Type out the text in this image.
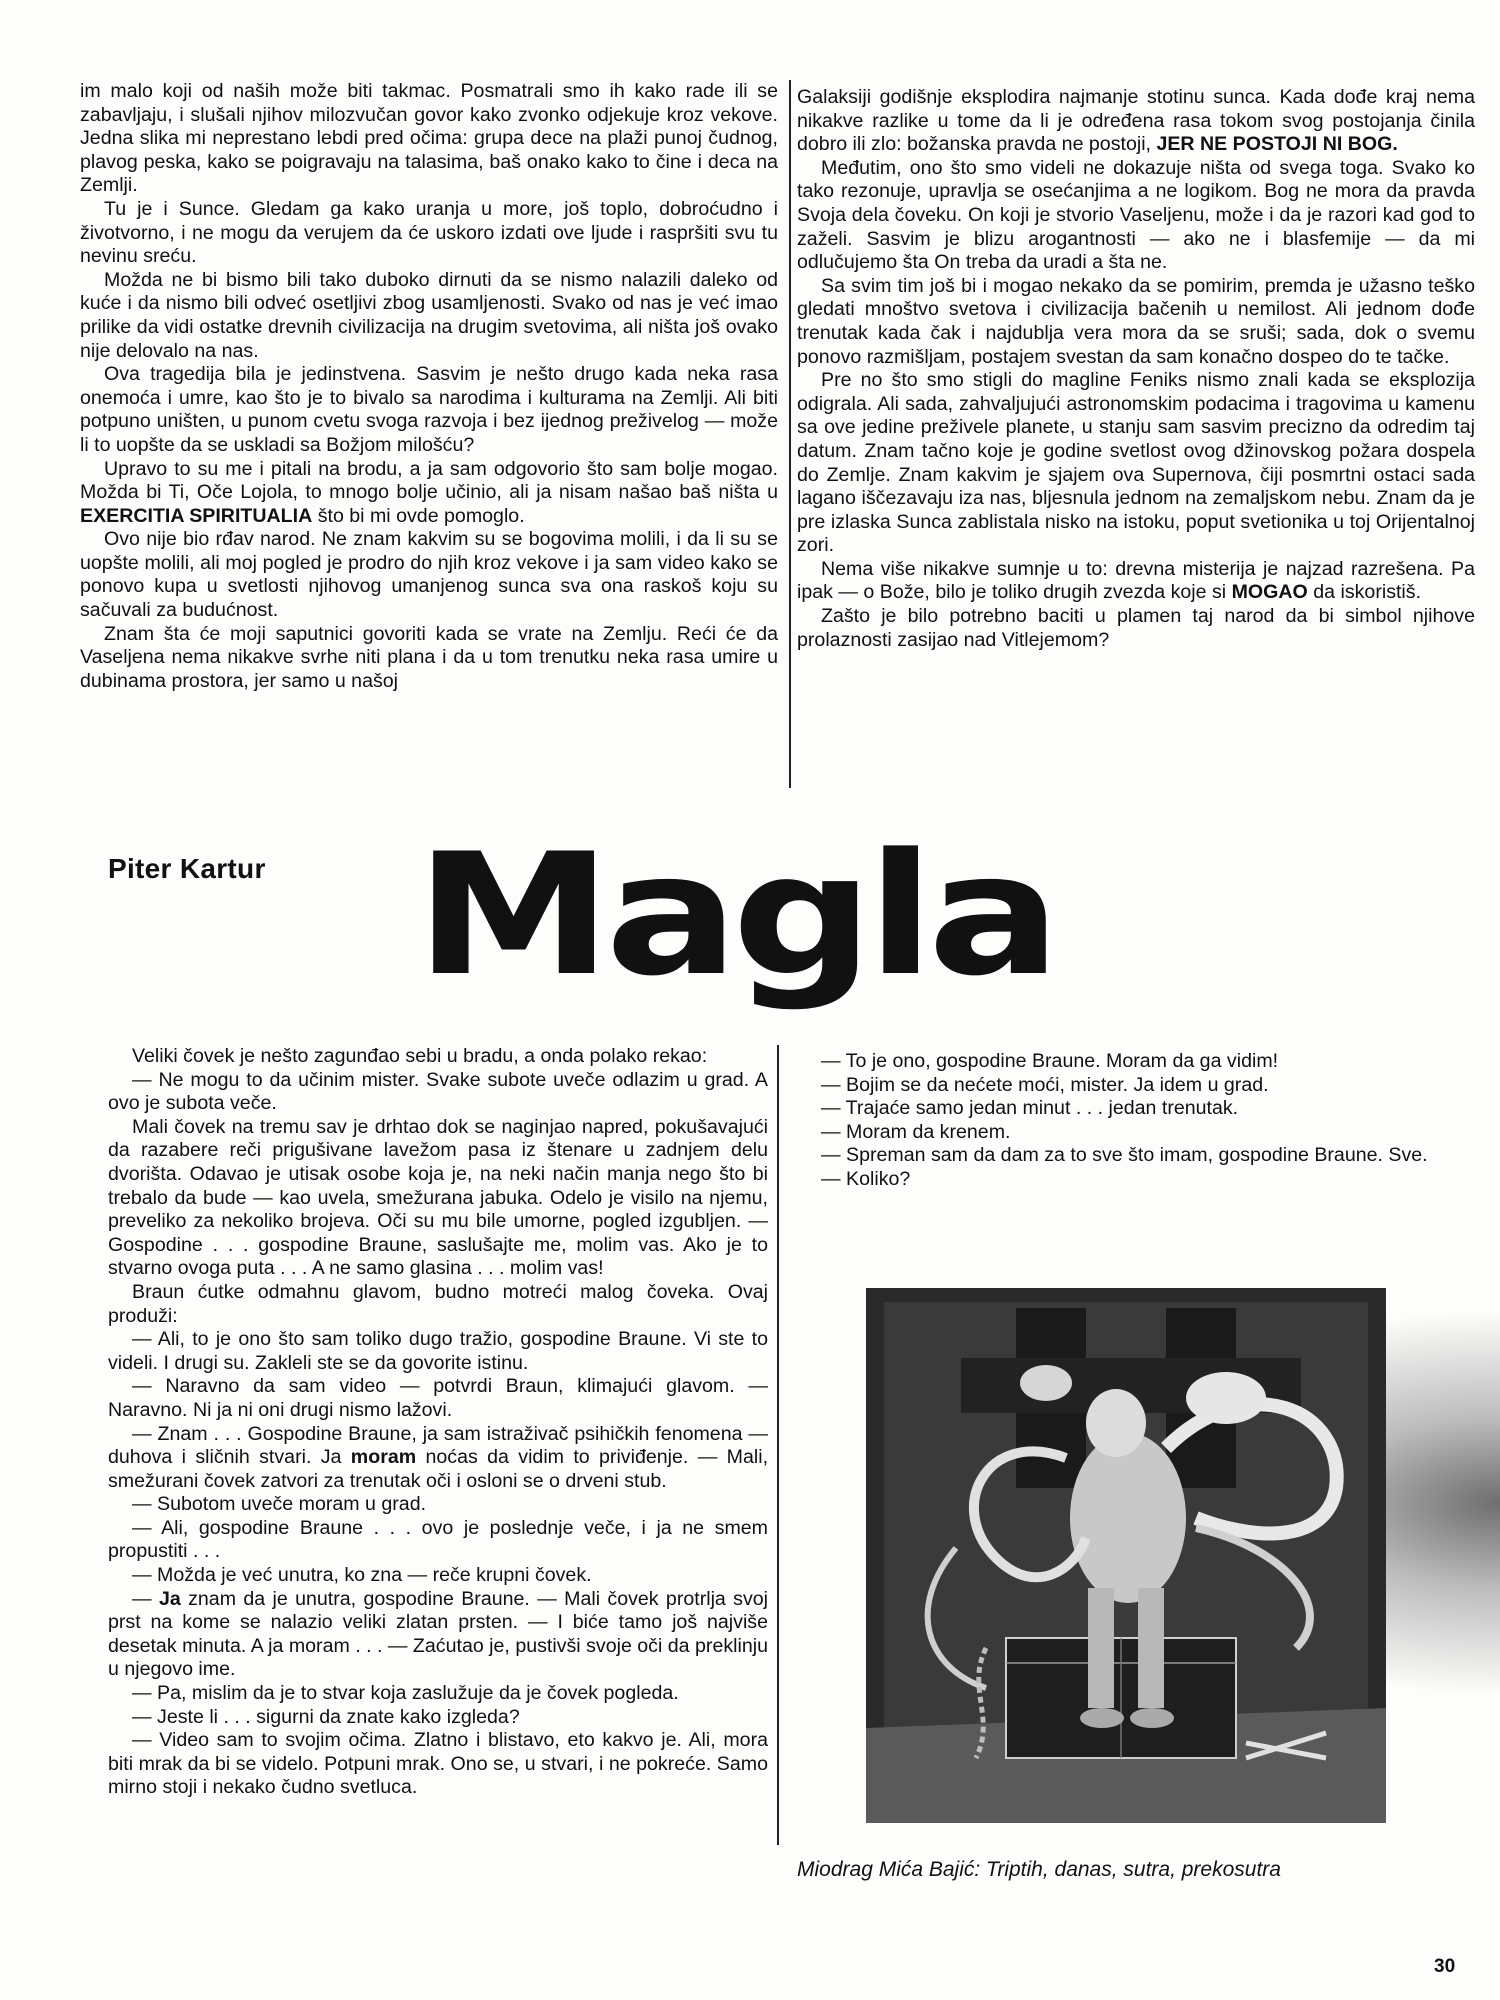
im malo koji od naših može biti takmac. Posmatrali smo ih kako rade ili se zabavljaju, i slušali njihov milozvučan govor kako zvonko odjekuje kroz vekove. Jedna slika mi neprestano lebdi pred očima: grupa dece na plaži punoj čudnog, plavog peska, kako se poigravaju na talasima, baš onako kako to čine i deca na Zemlji.

Tu je i Sunce. Gledam ga kako uranja u more, još toplo, dobroćudno i životvorno, i ne mogu da verujem da će uskoro izdati ove ljude i raspršiti svu tu nevinu sreću.

Možda ne bi bismo bili tako duboko dirnuti da se nismo nalazili daleko od kuće i da nismo bili odveć osetljivi zbog usamljenosti. Svako od nas je već imao prilike da vidi ostatke drevnih civilizacija na drugim svetovima, ali ništa još ovako nije delovalo na nas.

Ova tragedija bila je jedinstvena. Sasvim je nešto drugo kada neka rasa onemoća i umre, kao što je to bivalo sa narodima i kulturama na Zemlji. Ali biti potpuno uništen, u punom cvetu svoga razvoja i bez ijednog preživelog — može li to uopšte da se uskladi sa Božjom milošću?

Upravo to su me i pitali na brodu, a ja sam odgovorio što sam bolje mogao. Možda bi Ti, Oče Lojola, to mnogo bolje učinio, ali ja nisam našao baš ništa u EXERCITIA SPIRITUALIA što bi mi ovde pomoglo.

Ovo nije bio rđav narod. Ne znam kakvim su se bogovima molili, i da li su se uopšte molili, ali moj pogled je prodro do njih kroz vekove i ja sam video kako se ponovo kupa u svetlosti njihovog umanjenog sunca sva ona raskoš koju su sačuvali za budućnost.

Znam šta će moji saputnici govoriti kada se vrate na Zemlju. Reći će da Vaseljena nema nikakve svrhe niti plana i da u tom trenutku neka rasa umire u dubinama prostora, jer samo u našoj

Galaksiji godišnje eksplodira najmanje stotinu sunca. Kada dođe kraj nema nikakve razlike u tome da li je određena rasa tokom svog postojanja činila dobro ili zlo: božanska pravda ne postoji, JER NE POSTOJI NI BOG.

Međutim, ono što smo videli ne dokazuje ništa od svega toga. Svako ko tako rezonuje, upravlja se osećanjima a ne logikom. Bog ne mora da pravda Svoja dela čoveku. On koji je stvorio Vaseljenu, može i da je razori kad god to zaželi. Sasvim je blizu arogantnosti — ako ne i blasfemije — da mi odlučujemo šta On treba da uradi a šta ne.

Sa svim tim još bi i mogao nekako da se pomirim, premda je užasno teško gledati mnoštvo svetova i civilizacija bačenih u nemilost. Ali jednom dođe trenutak kada čak i najdublja vera mora da se sruši; sada, dok o svemu ponovo razmišljam, postajem svestan da sam konačno dospeo do te tačke.

Pre no što smo stigli do magline Feniks nismo znali kada se eksplozija odigrala. Ali sada, zahvaljujući astronomskim podacima i tragovima u kamenu sa ove jedine preživele planete, u stanju sam sasvim precizno da odredim taj datum. Znam tačno koje je godine svetlost ovog džinovskog požara dospela do Zemlje. Znam kakvim je sjajem ova Supernova, čiji posmrtni ostaci sada lagano iščezavaju iza nas, bljesnula jednom na zemaljskom nebu. Znam da je pre izlaska Sunca zablistala nisko na istoku, poput svetionika u toj Orijentalnoj zori.

Nema više nikakve sumnje u to: drevna misterija je najzad razrešena. Pa ipak — o Bože, bilo je toliko drugih zvezda koje si MOGAO da iskoristiš.

Zašto je bilo potrebno baciti u plamen taj narod da bi simbol njihove prolaznosti zasijao nad Vitlejemom?

Piter Kartur Magla

Veliki čovek je nešto zagunđao sebi u bradu, a onda polako rekao:

— Ne mogu to da učinim mister. Svake subote uveče odlazim u grad. A ovo je subota veče.

Mali čovek na tremu sav je drhtao dok se naginjao napred, pokušavajući da razabere reči prigušivane lavežom pasa iz štenare u zadnjem delu dvorišta. Odavao je utisak osobe koja je, na neki način manja nego što bi trebalo da bude — kao uvela, smežurana jabuka. Odelo je visilo na njemu, preveliko za nekoliko brojeva. Oči su mu bile umorne, pogled izgubljen. — Gospodine . . . gospodine Braune, saslušajte me, molim vas. Ako je to stvarno ovoga puta . . . A ne samo glasina . . . molim vas!

Braun ćutke odmahnu glavom, budno motreći malog čoveka. Ovaj produži:

— Ali, to je ono što sam toliko dugo tražio, gospodine Braune. Vi ste to videli. I drugi su. Zakleli ste se da govorite istinu.

— Naravno da sam video — potvrdi Braun, klimajući glavom. — Naravno. Ni ja ni oni drugi nismo lažovi.

— Znam . . . Gospodine Braune, ja sam istraživač psihičkih fenomena — duhova i sličnih stvari. Ja moram noćas da vidim to priviđenje. — Mali, smežurani čovek zatvori za trenutak oči i osloni se o drveni stub.

— Subotom uveče moram u grad.

— Ali, gospodine Braune . . . ovo je poslednje veče, i ja ne smem propustiti . . .

— Možda je već unutra, ko zna — reče krupni čovek.

— Ja znam da je unutra, gospodine Braune. — Mali čovek protrlja svoj prst na kome se nalazio veliki zlatan prsten. — I biće tamo još najviše desetak minuta. A ja moram . . . — Zaćutao je, pustivši svoje oči da preklinju u njegovo ime.

— Pa, mislim da je to stvar koja zaslužuje da je čovek pogleda.

— Jeste li . . . sigurni da znate kako izgleda?

— Video sam to svojim očima. Zlatno i blistavo, eto kakvo je. Ali, mora biti mrak da bi se videlo. Potpuni mrak. Ono se, u stvari, i ne pokreće. Samo mirno stoji i nekako čudno svetluca.

— To je ono, gospodine Braune. Moram da ga vidim!

— Bojim se da nećete moći, mister. Ja idem u grad.

— Trajaće samo jedan minut . . . jedan trenutak.

— Moram da krenem.

— Spreman sam da dam za to sve što imam, gospodine Braune. Sve.

— Koliko?

Miodrag Mića Bajić: Triptih, danas, sutra, prekosutra
30
